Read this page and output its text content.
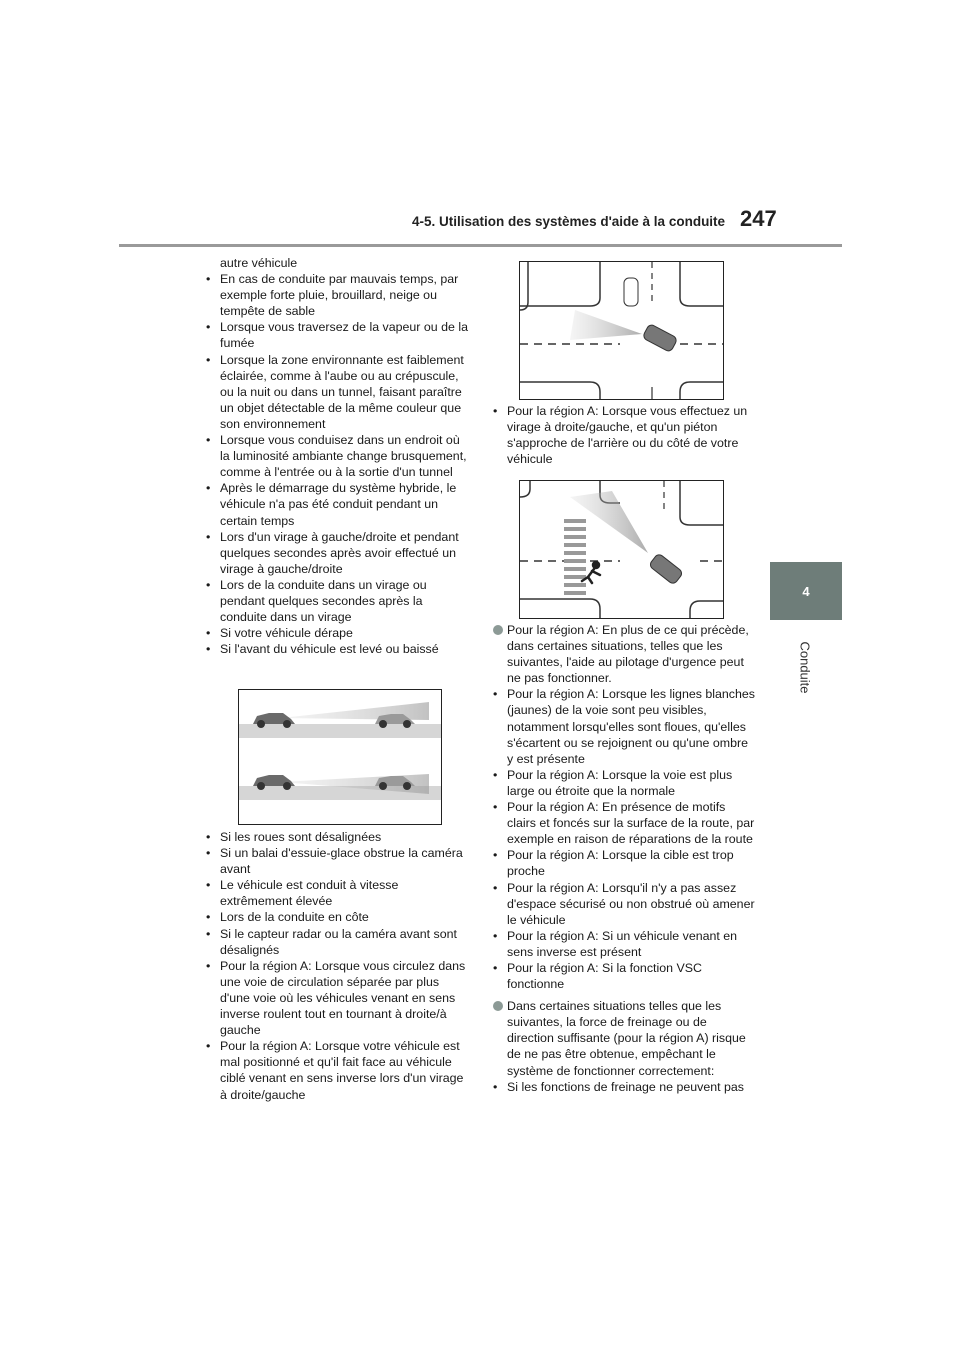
4-5. Utilisation des systèmes d'aide à la conduite 247
4
Conduite
autre véhicule
• En cas de conduite par mauvais temps, par exemple forte pluie, brouillard, neige ou tempête de sable
• Lorsque vous traversez de la vapeur ou de la fumée
• Lorsque la zone environnante est faiblement éclairée, comme à l'aube ou au crépuscule, ou la nuit ou dans un tunnel, faisant paraître un objet détectable de la même couleur que son environnement
• Lorsque vous conduisez dans un endroit où la luminosité ambiante change brusquement, comme à l'entrée ou à la sortie d'un tunnel
• Après le démarrage du système hybride, le véhicule n'a pas été conduit pendant un certain temps
• Lors d'un virage à gauche/droite et pendant quelques secondes après avoir effectué un virage à gauche/droite
• Lors de la conduite dans un virage ou pendant quelques secondes après la conduite dans un virage
• Si votre véhicule dérape
• Si l'avant du véhicule est levé ou baissé
• Si les roues sont désalignées
• Si un balai d'essuie-glace obstrue la caméra avant
• Le véhicule est conduit à vitesse extrêmement élevée
• Lors de la conduite en côte
• Si le capteur radar ou la caméra avant sont désalignés
• Pour la région A: Lorsque vous circulez dans une voie de circulation séparée par plus d'une voie où les véhicules venant en sens inverse roulent tout en tournant à droite/à gauche
• Pour la région A: Lorsque votre véhicule est mal positionné et qu'il fait face au véhicule ciblé venant en sens inverse lors d'un virage à droite/gauche
• Pour la région A: Lorsque vous effectuez un virage à droite/gauche, et qu'un piéton s'approche de l'arrière ou du côté de votre véhicule
Pour la région A: En plus de ce qui précède, dans certaines situations, telles que les suivantes, l'aide au pilotage d'urgence peut ne pas fonctionner.
• Pour la région A: Lorsque les lignes blanches (jaunes) de la voie sont peu visibles, notamment lorsqu'elles sont floues, qu'elles s'écartent ou se rejoignent ou qu'une ombre y est présente
• Pour la région A: Lorsque la voie est plus large ou étroite que la normale
• Pour la région A: En présence de motifs clairs et foncés sur la surface de la route, par exemple en raison de réparations de la route
• Pour la région A: Lorsque la cible est trop proche
• Pour la région A: Lorsqu'il n'y a pas assez d'espace sécurisé ou non obstrué où amener le véhicule
• Pour la région A: Si un véhicule venant en sens inverse est présent
• Pour la région A: Si la fonction VSC fonctionne
Dans certaines situations telles que les suivantes, la force de freinage ou de direction suffisante (pour la région A) risque de ne pas être obtenue, empêchant le système de fonctionner correctement:
• Si les fonctions de freinage ne peuvent pas
